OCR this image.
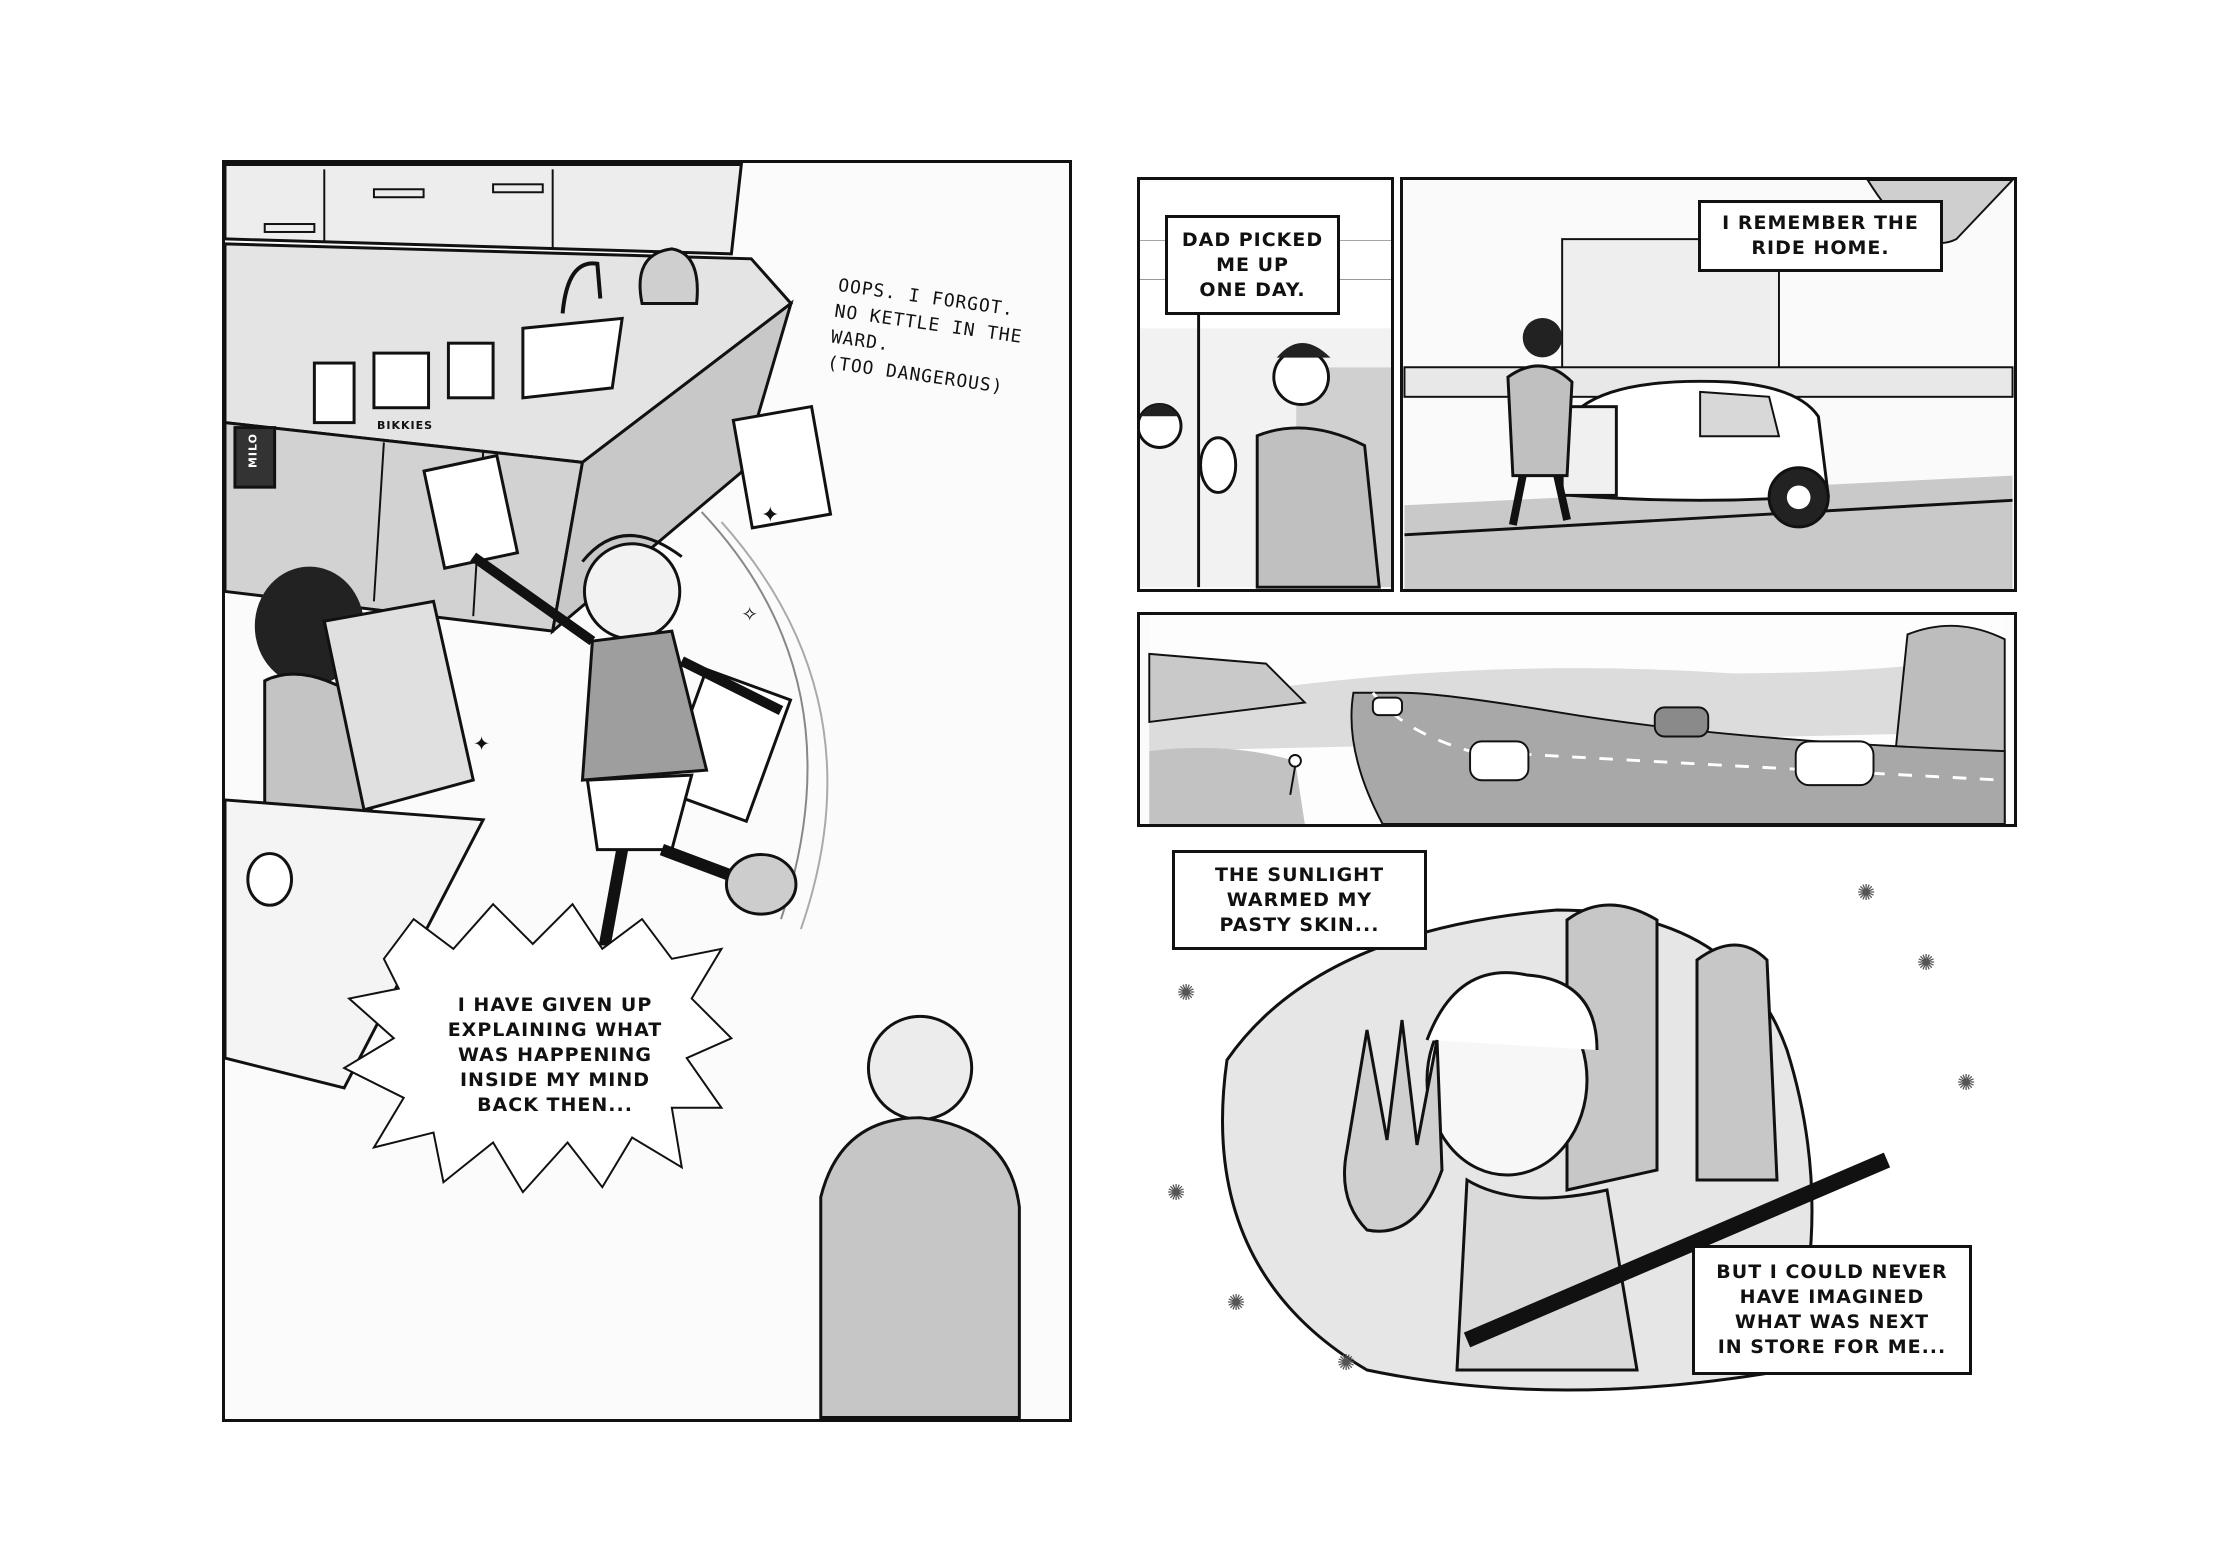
✦
✦
✧
OOPS. I FORGOT.
NO KETTLE IN THE
WARD.
(TOO DANGEROUS)
I HAVE GIVEN UP
EXPLAINING WHAT
WAS HAPPENING
INSIDE MY MIND
BACK THEN...
MILO
BIKKIES
DAD PICKED
ME UP
ONE DAY.
I REMEMBER THE
RIDE HOME.
✺
✺
✺
✺
✺
✺
✺
THE SUNLIGHT
WARMED MY
PASTY SKIN...
BUT I COULD NEVER
HAVE IMAGINED
WHAT WAS NEXT
IN STORE FOR ME...
